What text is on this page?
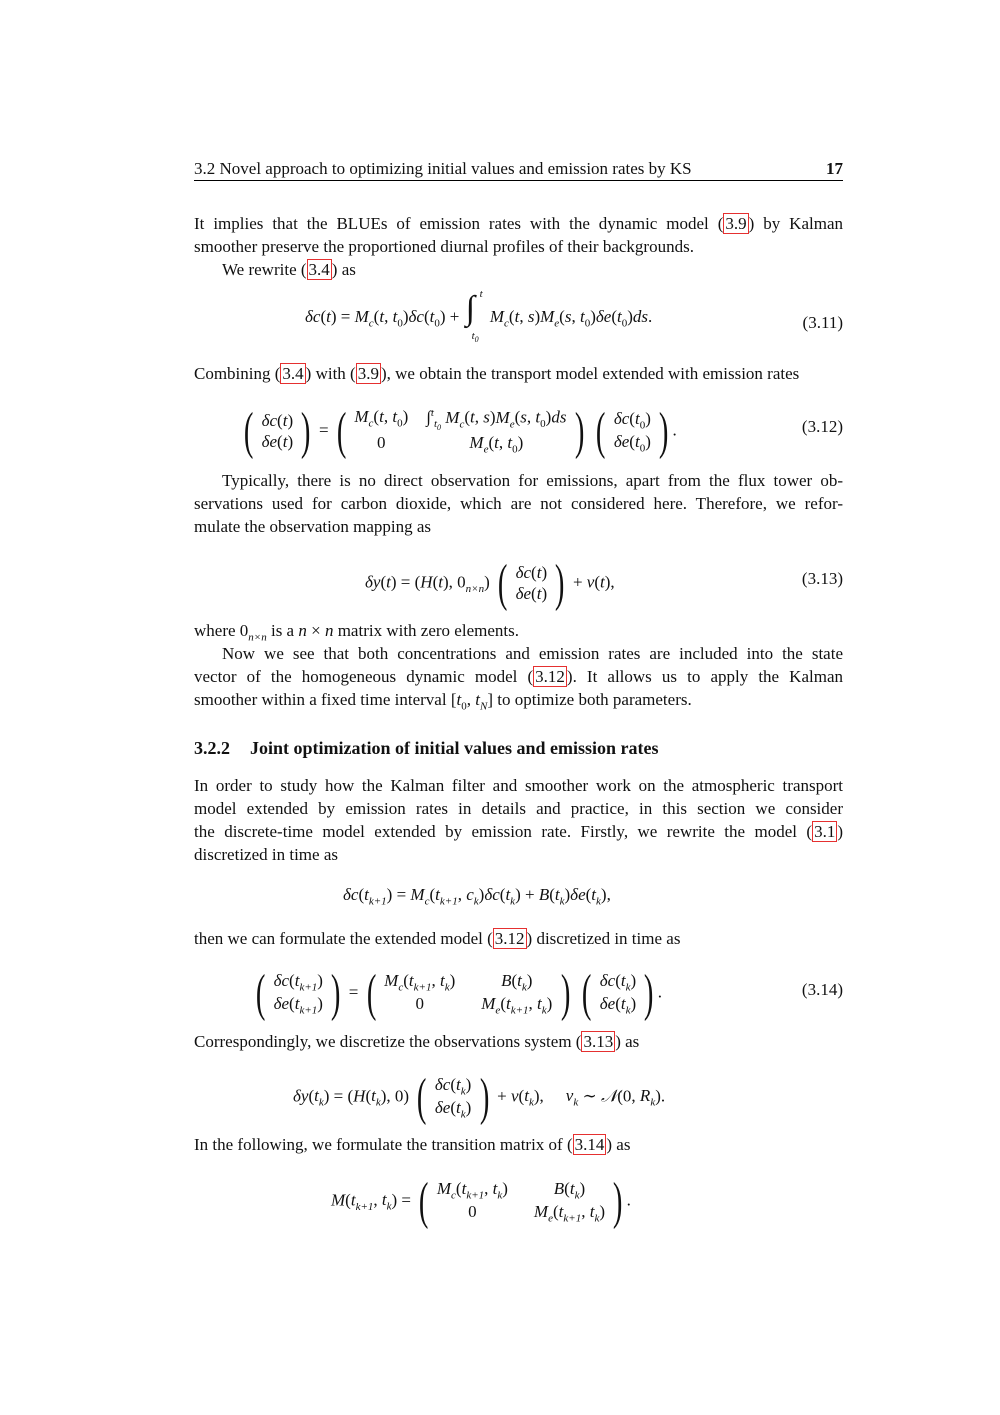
3.2 Novel approach to optimizing initial values and emission rates by KS	17
It implies that the BLUEs of emission rates with the dynamic model ( 3.9 ) by Kalman
smoother preserve the proportioned diurnal profiles of their backgrounds.
We rewrite ( 3.4 ) as
$\delta c(t) = M_c(t$, $t_0)\delta c(t_0)$ + ∫ t
$t_0$
$M_c(t$, $s)M_e(s$, $t_0)\delta e(t_0)ds$.	(3.11)
Combining ( 3.4 ) with ( 3.9 ), we obtain the transport model extended with emission rates
( δc(t)
δe(t) ) = ( $M_c(t$, $t_0$) ∫$^t_{t_0}$ $M_c(t$, $s)M_e(s$, $t_0)ds$
0	$M_e(t$, $t_0$) ) ( $\delta c(t_0)$
$\delta e(t_0)$ ) .	(3.12)
Typically, there is no direct observation for emissions, apart from the flux tower ob-
servations used for carbon dioxide, which are not considered here. Therefore, we refor-
mulate the observation mapping as
δy(t) = (H(t), $0_{n\times n}$) ( δc(t)
δe(t) ) + ν(t),	(3.13)
where $0_{n\times n}$ is a n × n matrix with zero elements.
Now we see that both concentrations and emission rates are included into the state
vector of the homogeneous dynamic model ( 3.12 ). It allows us to apply the Kalman
smoother within a fixed time interval [$t_0$, $t_N$] to optimize both parameters.
3.2.2 Joint optimization of initial values and emission rates
In order to study how the Kalman filter and smoother work on the atmospheric transport
model extended by emission rates in details and practice, in this section we consider
the discrete-time model extended by emission rate. Firstly, we rewrite the model ( 3.1 )
discretized in time as
$\delta c(t_{k+1}) = M_c(t_{k+1}$, $c_k)\delta c(t_k) + B(t_k)\delta e(t_k)$,
then we can formulate the extended model ( 3.12 ) discretized in time as
( $\delta c(t_{k+1})$
$\delta e(t_{k+1})$ ) = ( $M_c(t_{k+1}$, $t_k$)	$B(t_k)$
0	$M_e(t_{k+1}$, $t_k$) ) ( $\delta c(t_k)$
$\delta e(t_k)$ ) .	(3.14)
Correspondingly, we discretize the observations system ( 3.13 ) as
$\delta y(t_k) = (H(t_k)$, 0) ( $\delta c(t_k)$
$\delta e(t_k)$ ) + $\nu(t_k)$, $\nu_k$ ∼ 𝒩(0, $R_k$).
In the following, we formulate the transition matrix of ( 3.14 ) as
$M(t_{k+1}$, $t_k$) = ( $M_c(t_{k+1}$, $t_k$)	$B(t_k)$
0	$M_e(t_{k+1}$, $t_k$) ) .
